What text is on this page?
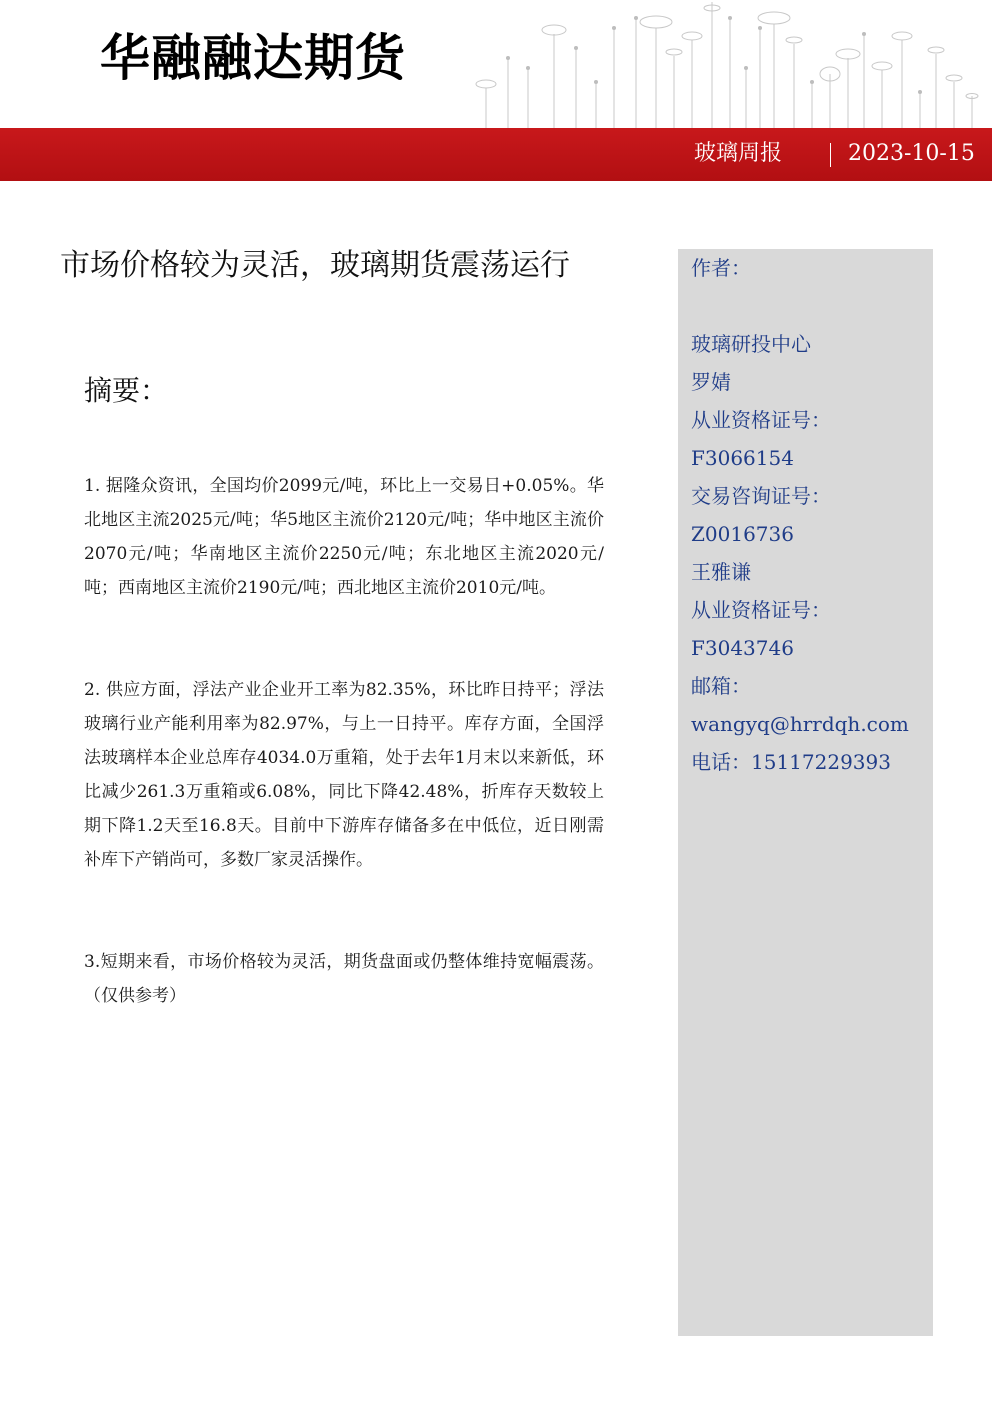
华融融达期货
玻璃周报	2023-10-15
市场价格较为灵活，玻璃期货震荡运行
摘要：
1. 据隆众资讯，全国均价2099元/吨，环比上一交易日+0.05%。华北地区主流2025元/吨；华5地区主流价2120元/吨；华中地区主流价2070元/吨；华南地区主流价2250元/吨；东北地区主流2020元/吨；西南地区主流价2190元/吨；西北地区主流价2010元/吨。
2. 供应方面，浮法产业企业开工率为82.35%，环比昨日持平；浮法玻璃行业产能利用率为82.97%，与上一日持平。库存方面，全国浮法玻璃样本企业总库存4034.0万重箱，处于去年1月末以来新低，环比减少261.3万重箱或6.08%，同比下降42.48%，折库存天数较上期下降1.2天至16.8天。目前中下游库存储备多在中低位，近日刚需补库下产销尚可，多数厂家灵活操作。
3.短期来看，市场价格较为灵活，期货盘面或仍整体维持宽幅震荡。（仅供参考）
作者：
玻璃研投中心
罗婧
从业资格证号：
F3066154
交易咨询证号：
Z0016736
王雅谦
从业资格证号：
F3043746
邮箱：
wangyq@hrrdqh.com
电话：15117229393
